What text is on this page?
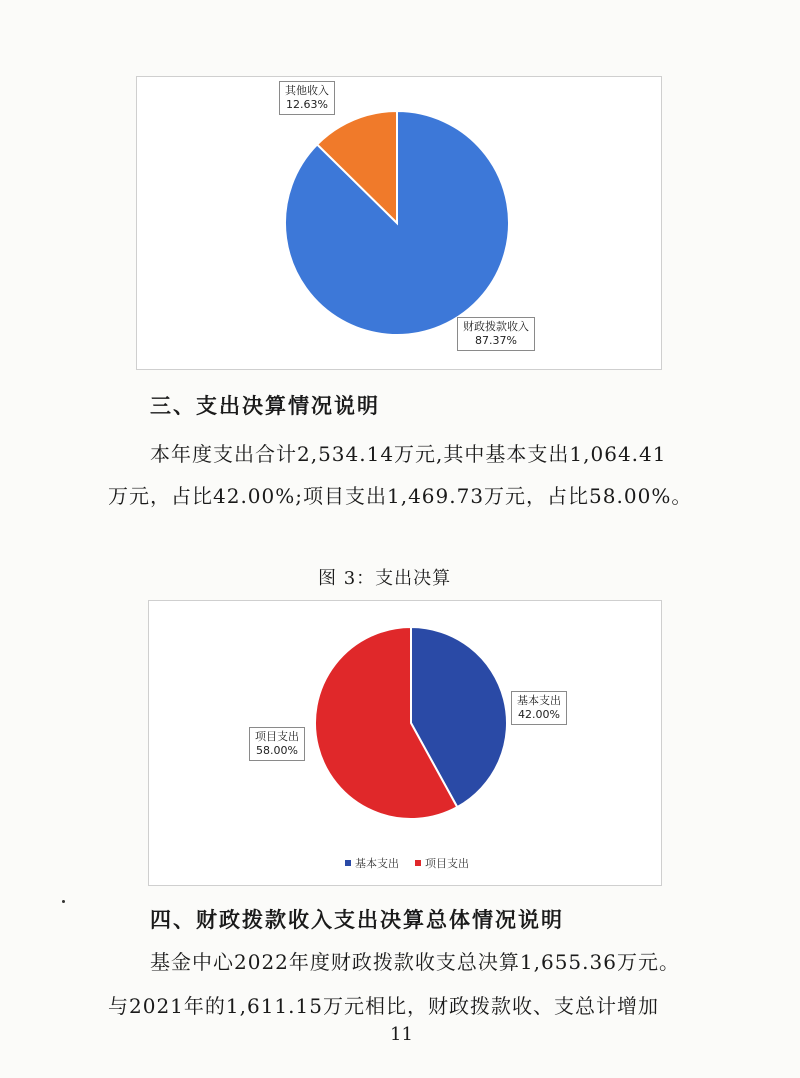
其他收入
12.63%
财政拨款收入
87.37%
三、支出决算情况说明
本年度支出合计2,534.14万元,其中基本支出1,064.41
万元，占比42.00%;项目支出1,469.73万元，占比58.00%。
图 3：支出决算
基本支出
42.00%
项目支出
58.00%
基本支出 项目支出
四、财政拨款收入支出决算总体情况说明
基金中心2022年度财政拨款收支总决算1,655.36万元。
与2021年的1,611.15万元相比，财政拨款收、支总计增加
11
